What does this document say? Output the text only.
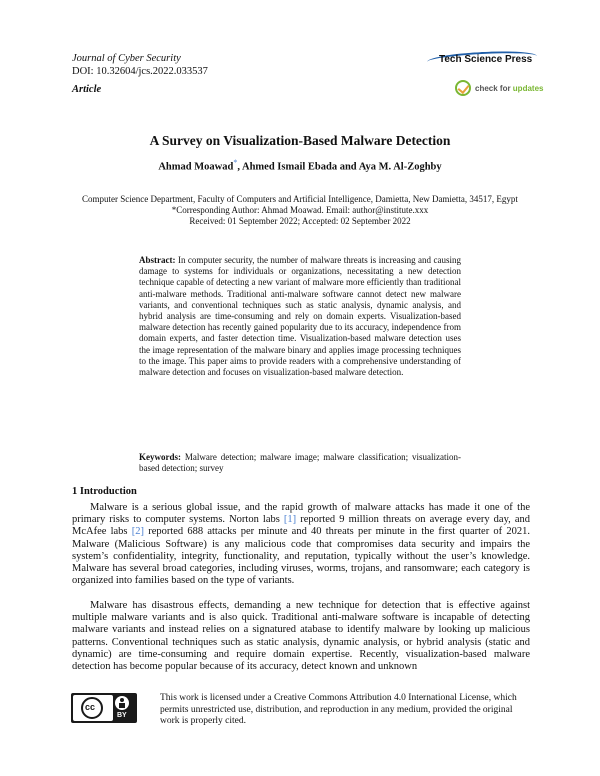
Journal of Cyber Security
DOI: 10.32604/jcs.2022.033537
Article
Tech Science Press
check for updates
A Survey on Visualization-Based Malware Detection
Ahmad Moawad*, Ahmed Ismail Ebada and Aya M. Al-Zoghby
Computer Science Department, Faculty of Computers and Artificial Intelligence, Damietta, New Damietta, 34517, Egypt
*Corresponding Author: Ahmad Moawad. Email: author@institute.xxx
Received: 01 September 2022; Accepted: 02 September 2022
Abstract: In computer security, the number of malware threats is increasing and causing damage to systems for individuals or organizations, necessitating a new detection technique capable of detecting a new variant of malware more efficiently than traditional anti-malware methods. Traditional anti-malware software cannot detect new malware variants, and conventional techniques such as static analysis, dynamic analysis, and hybrid analysis are time-consuming and rely on domain experts. Visualization-based malware detection has recently gained popularity due to its accuracy, independence from domain experts, and faster detection time. Visualization-based malware detection uses the image representation of the malware binary and applies image processing techniques to the image. This paper aims to provide readers with a comprehensive understanding of malware detection and focuses on visualization-based malware detection.
Keywords: Malware detection; malware image; malware classification; visualization-based detection; survey
1 Introduction
Malware is a serious global issue, and the rapid growth of malware attacks has made it one of the primary risks to computer systems. Norton labs [1] reported 9 million threats on average every day, and McAfee labs [2] reported 688 attacks per minute and 40 threats per minute in the first quarter of 2021. Malware (Malicious Software) is any malicious code that compromises data security and impairs the system’s confidentiality, integrity, functionality, and reputation, typically without the user’s knowledge. Malware has several broad categories, including viruses, worms, trojans, and ransomware; each category is organized into families based on the type of variants.
Malware has disastrous effects, demanding a new technique for detection that is effective against multiple malware variants and is also quick. Traditional anti-malware software is incapable of detecting malware variants and instead relies on a signatured atabase to identify malware by looking up malicious patterns. Conventional techniques such as static analysis, dynamic analysis, or hybrid analysis (static and dynamic) are time-consuming and require domain expertise. Recently, visualization-based malware detection has become popular because of its accuracy, detect known and unknown
cc
BY
This work is licensed under a Creative Commons Attribution 4.0 International License, which permits unrestricted use, distribution, and reproduction in any medium, provided the original work is properly cited.
